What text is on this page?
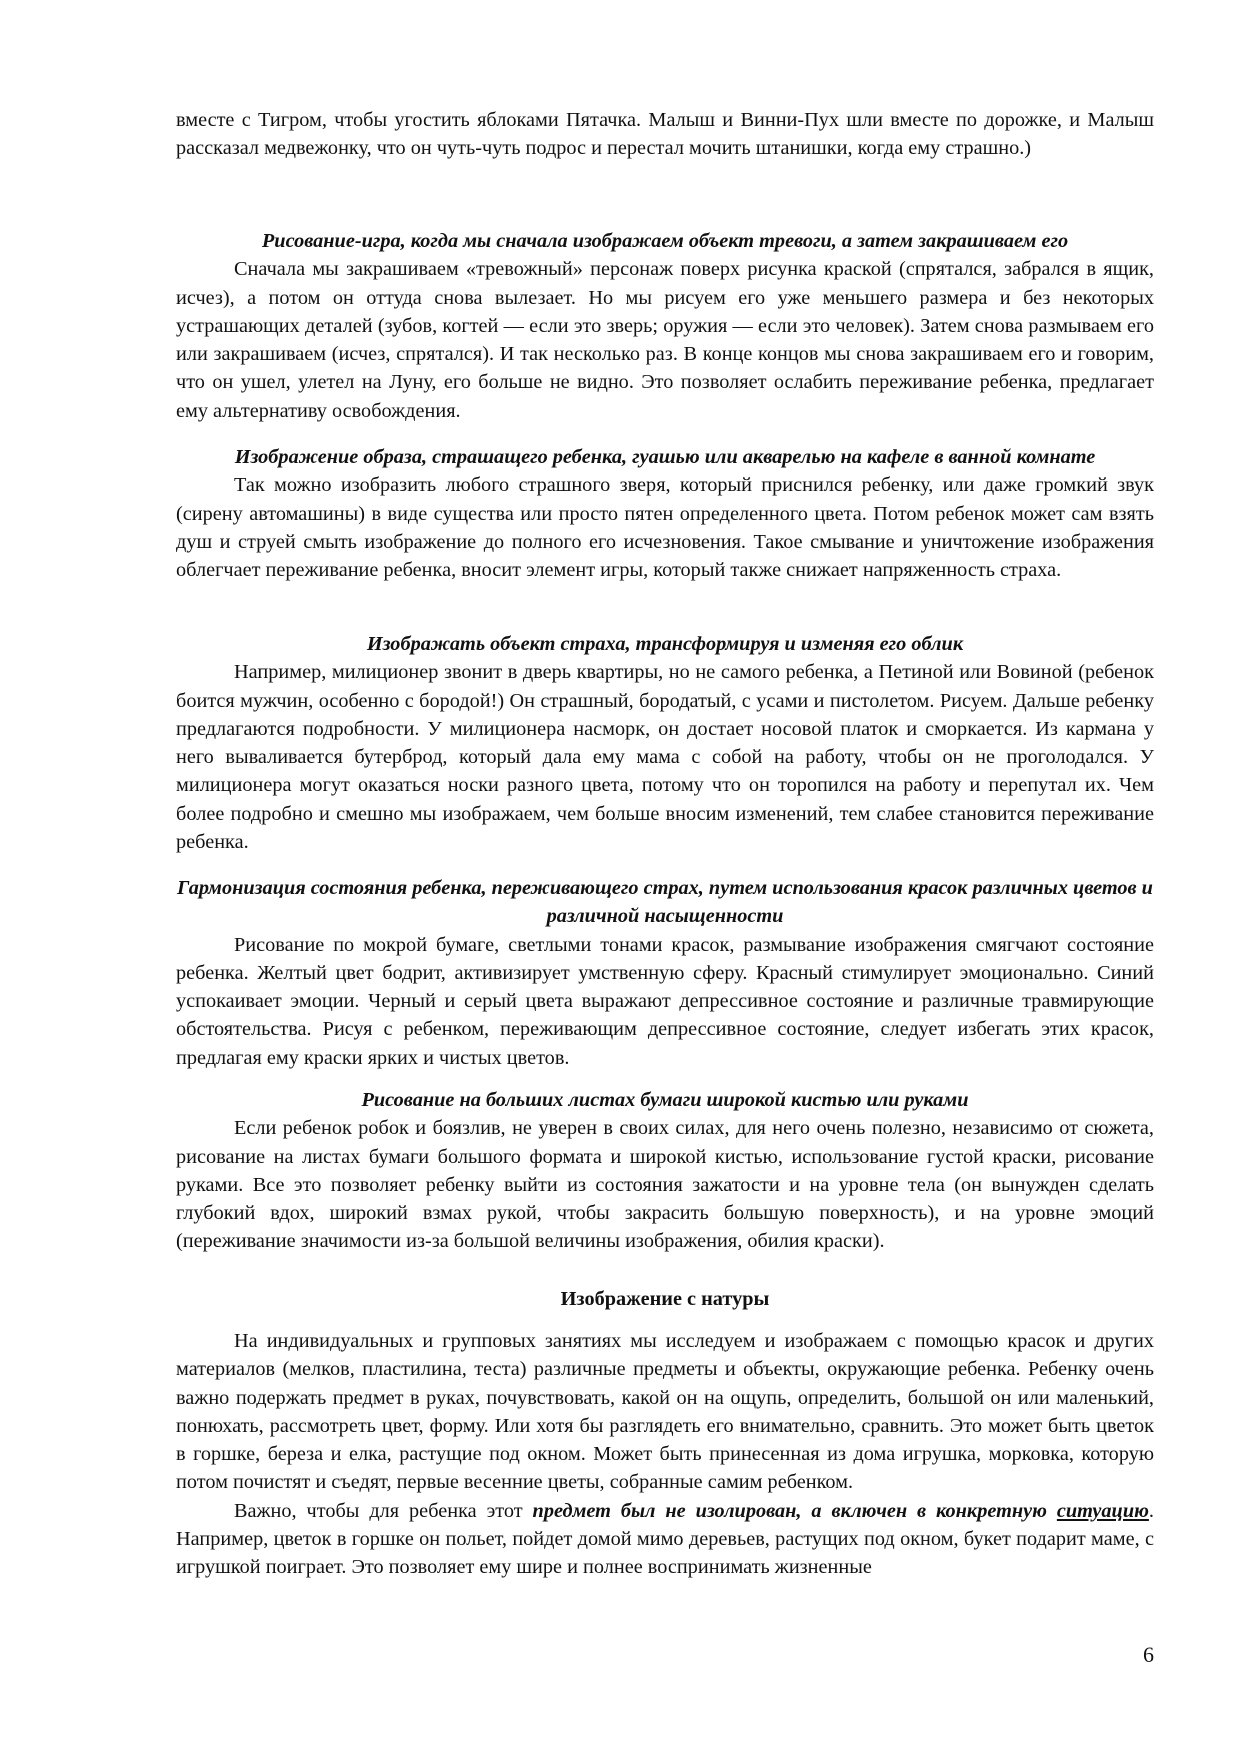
вместе с Тигром, чтобы угостить яблоками Пятачка. Малыш и Винни-Пух шли вместе по дорожке, и Малыш рассказал медвежонку, что он чуть-чуть подрос и перестал мочить штанишки, когда ему страшно.)

Рисование-игра, когда мы сначала изображаем объект тревоги, а затем закрашиваем его

Сначала мы закрашиваем «тревожный» персонаж поверх рисунка краской (спрятался, забрался в ящик, исчез), а потом он оттуда снова вылезает. Но мы рисуем его уже меньшего размера и без некоторых устрашающих деталей (зубов, когтей — если это зверь; оружия — если это человек). Затем снова размываем его или закрашиваем (исчез, спрятался). И так несколько раз. В конце концов мы снова закрашиваем его и говорим, что он ушел, улетел на Луну, его больше не видно. Это позволяет ослабить переживание ребенка, предлагает ему альтернативу освобождения.

Изображение образа, страшащего ребенка, гуашью или акварелью на кафеле в ванной комнате

Так можно изобразить любого страшного зверя, который приснился ребенку, или даже громкий звук (сирену автомашины) в виде существа или просто пятен определенного цвета. Потом ребенок может сам взять душ и струей смыть изображение до полного его исчезновения. Такое смывание и уничтожение изображения облегчает переживание ребенка, вносит элемент игры, который также снижает напряженность страха.

Изображать объект страха, трансформируя и изменяя его облик

Например, милиционер звонит в дверь квартиры, но не самого ребенка, а Петиной или Вовиной (ребенок боится мужчин, особенно с бородой!) Он страшный, бородатый, с усами и пистолетом. Рисуем. Дальше ребенку предлагаются подробности. У милиционера насморк, он достает носовой платок и сморкается. Из кармана у него вываливается бутерброд, который дала ему мама с собой на работу, чтобы он не проголодался. У милиционера могут оказаться носки разного цвета, потому что он торопился на работу и перепутал их. Чем более подробно и смешно мы изображаем, чем больше вносим изменений, тем слабее становится переживание ребенка.

Гармонизация состояния ребенка, переживающего страх, путем использования красок различных цветов и различной насыщенности

Рисование по мокрой бумаге, светлыми тонами красок, размывание изображения смягчают состояние ребенка. Желтый цвет бодрит, активизирует умственную сферу. Красный стимулирует эмоционально. Синий успокаивает эмоции. Черный и серый цвета выражают депрессивное состояние и различные травмирующие обстоятельства. Рисуя с ребенком, переживающим депрессивное состояние, следует избегать этих красок, предлагая ему краски ярких и чистых цветов.

Рисование на больших листах бумаги широкой кистью или руками

Если ребенок робок и боязлив, не уверен в своих силах, для него очень полезно, независимо от сюжета, рисование на листах бумаги большого формата и широкой кистью, использование густой краски, рисование руками. Все это позволяет ребенку выйти из состояния зажатости и на уровне тела (он вынужден сделать глубокий вдох, широкий взмах рукой, чтобы закрасить большую поверхность), и на уровне эмоций (переживание значимости из-за большой величины изображения, обилия краски).

Изображение с натуры

На индивидуальных и групповых занятиях мы исследуем и изображаем с помощью красок и других материалов (мелков, пластилина, теста) различные предметы и объекты, окружающие ребенка. Ребенку очень важно подержать предмет в руках, почувствовать, какой он на ощупь, определить, большой он или маленький, понюхать, рассмотреть цвет, форму. Или хотя бы разглядеть его внимательно, сравнить. Это может быть цветок в горшке, береза и елка, растущие под окном. Может быть принесенная из дома игрушка, морковка, которую потом почистят и съедят, первые весенние цветы, собранные самим ребенком.

Важно, чтобы для ребенка этот предмет был не изолирован, а включен в конкретную ситуацию. Например, цветок в горшке он польет, пойдет домой мимо деревьев, растущих под окном, букет подарит маме, с игрушкой поиграет. Это позволяет ему шире и полнее воспринимать жизненные

6
